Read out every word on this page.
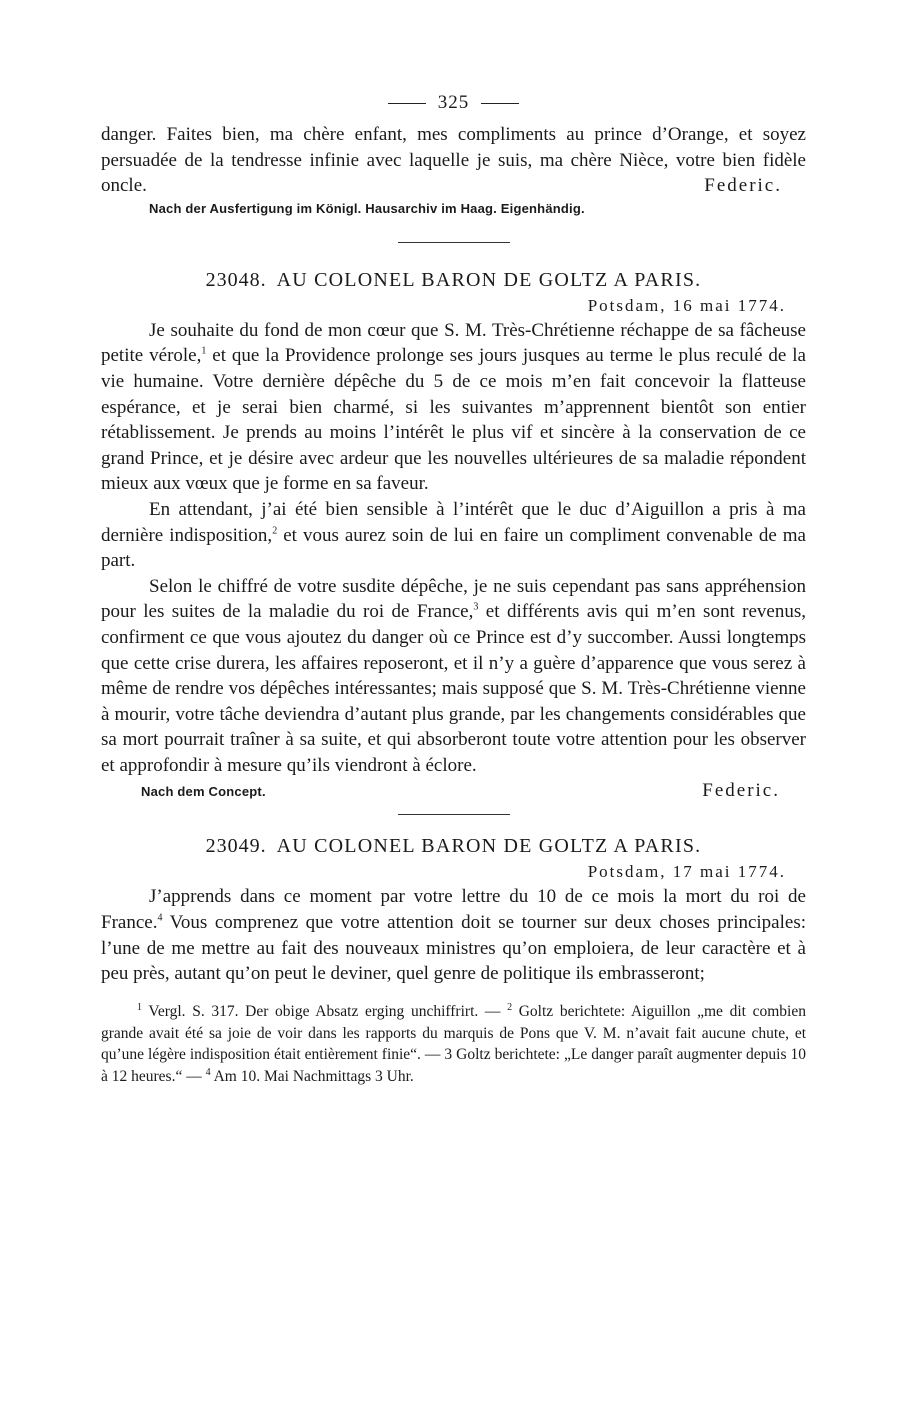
325

danger. Faites bien, ma chère enfant, mes compliments au prince d’Orange, et soyez persuadée de la tendresse infinie avec laquelle je suis, ma chère Nièce, votre bien fidèle oncle.	Federic.

Nach der Ausfertigung im Königl. Hausarchiv im Haag. Eigenhändig.

23048. AU COLONEL BARON DE GOLTZ A PARIS.

Potsdam, 16 mai 1774.

Je souhaite du fond de mon cœur que S. M. Très-Chrétienne réchappe de sa fâcheuse petite vérole,$^1$ et que la Providence prolonge ses jours jusques au terme le plus reculé de la vie humaine. Votre dernière dépêche du 5 de ce mois m’en fait concevoir la flatteuse espérance, et je serai bien charmé, si les suivantes m’apprennent bientôt son entier rétablissement. Je prends au moins l’intérêt le plus vif et sincère à la conservation de ce grand Prince, et je désire avec ardeur que les nouvelles ultérieures de sa maladie répondent mieux aux vœux que je forme en sa faveur.

En attendant, j’ai été bien sensible à l’intérêt que le duc d’Aiguillon a pris à ma dernière indisposition,$^2$ et vous aurez soin de lui en faire un compliment convenable de ma part.

Selon le chiffré de votre susdite dépêche, je ne suis cependant pas sans appréhension pour les suites de la maladie du roi de France,$^3$ et différents avis qui m’en sont revenus, confirment ce que vous ajoutez du danger où ce Prince est d’y succomber. Aussi longtemps que cette crise durera, les affaires reposeront, et il n’y a guère d’apparence que vous serez à même de rendre vos dépêches intéressantes; mais supposé que S. M. Très-Chrétienne vienne à mourir, votre tâche deviendra d’autant plus grande, par les changements considérables que sa mort pourrait traîner à sa suite, et qui absorberont toute votre attention pour les observer et approfondir à mesure qu’ils viendront à éclore.

Nach dem Concept.	Federic.

23049. AU COLONEL BARON DE GOLTZ A PARIS.

Potsdam, 17 mai 1774.

J’apprends dans ce moment par votre lettre du 10 de ce mois la mort du roi de France.$^4$ Vous comprenez que votre attention doit se tourner sur deux choses principales: l’une de me mettre au fait des nouveaux ministres qu’on emploiera, de leur caractère et à peu près, autant qu’on peut le deviner, quel genre de politique ils embrasseront;

$^1$ Vergl. S. 317. Der obige Absatz erging unchiffrirt. — $^2$ Goltz berichtete: Aiguillon „me dit combien grande avait été sa joie de voir dans les rapports du marquis de Pons que V. M. n’avait fait aucune chute, et qu’une légère indisposition était entièrement finie“. — 3 Goltz berichtete: „Le danger paraît augmenter depuis 10 à 12 heures.“ — $^4$ Am 10. Mai Nachmittags 3 Uhr.
